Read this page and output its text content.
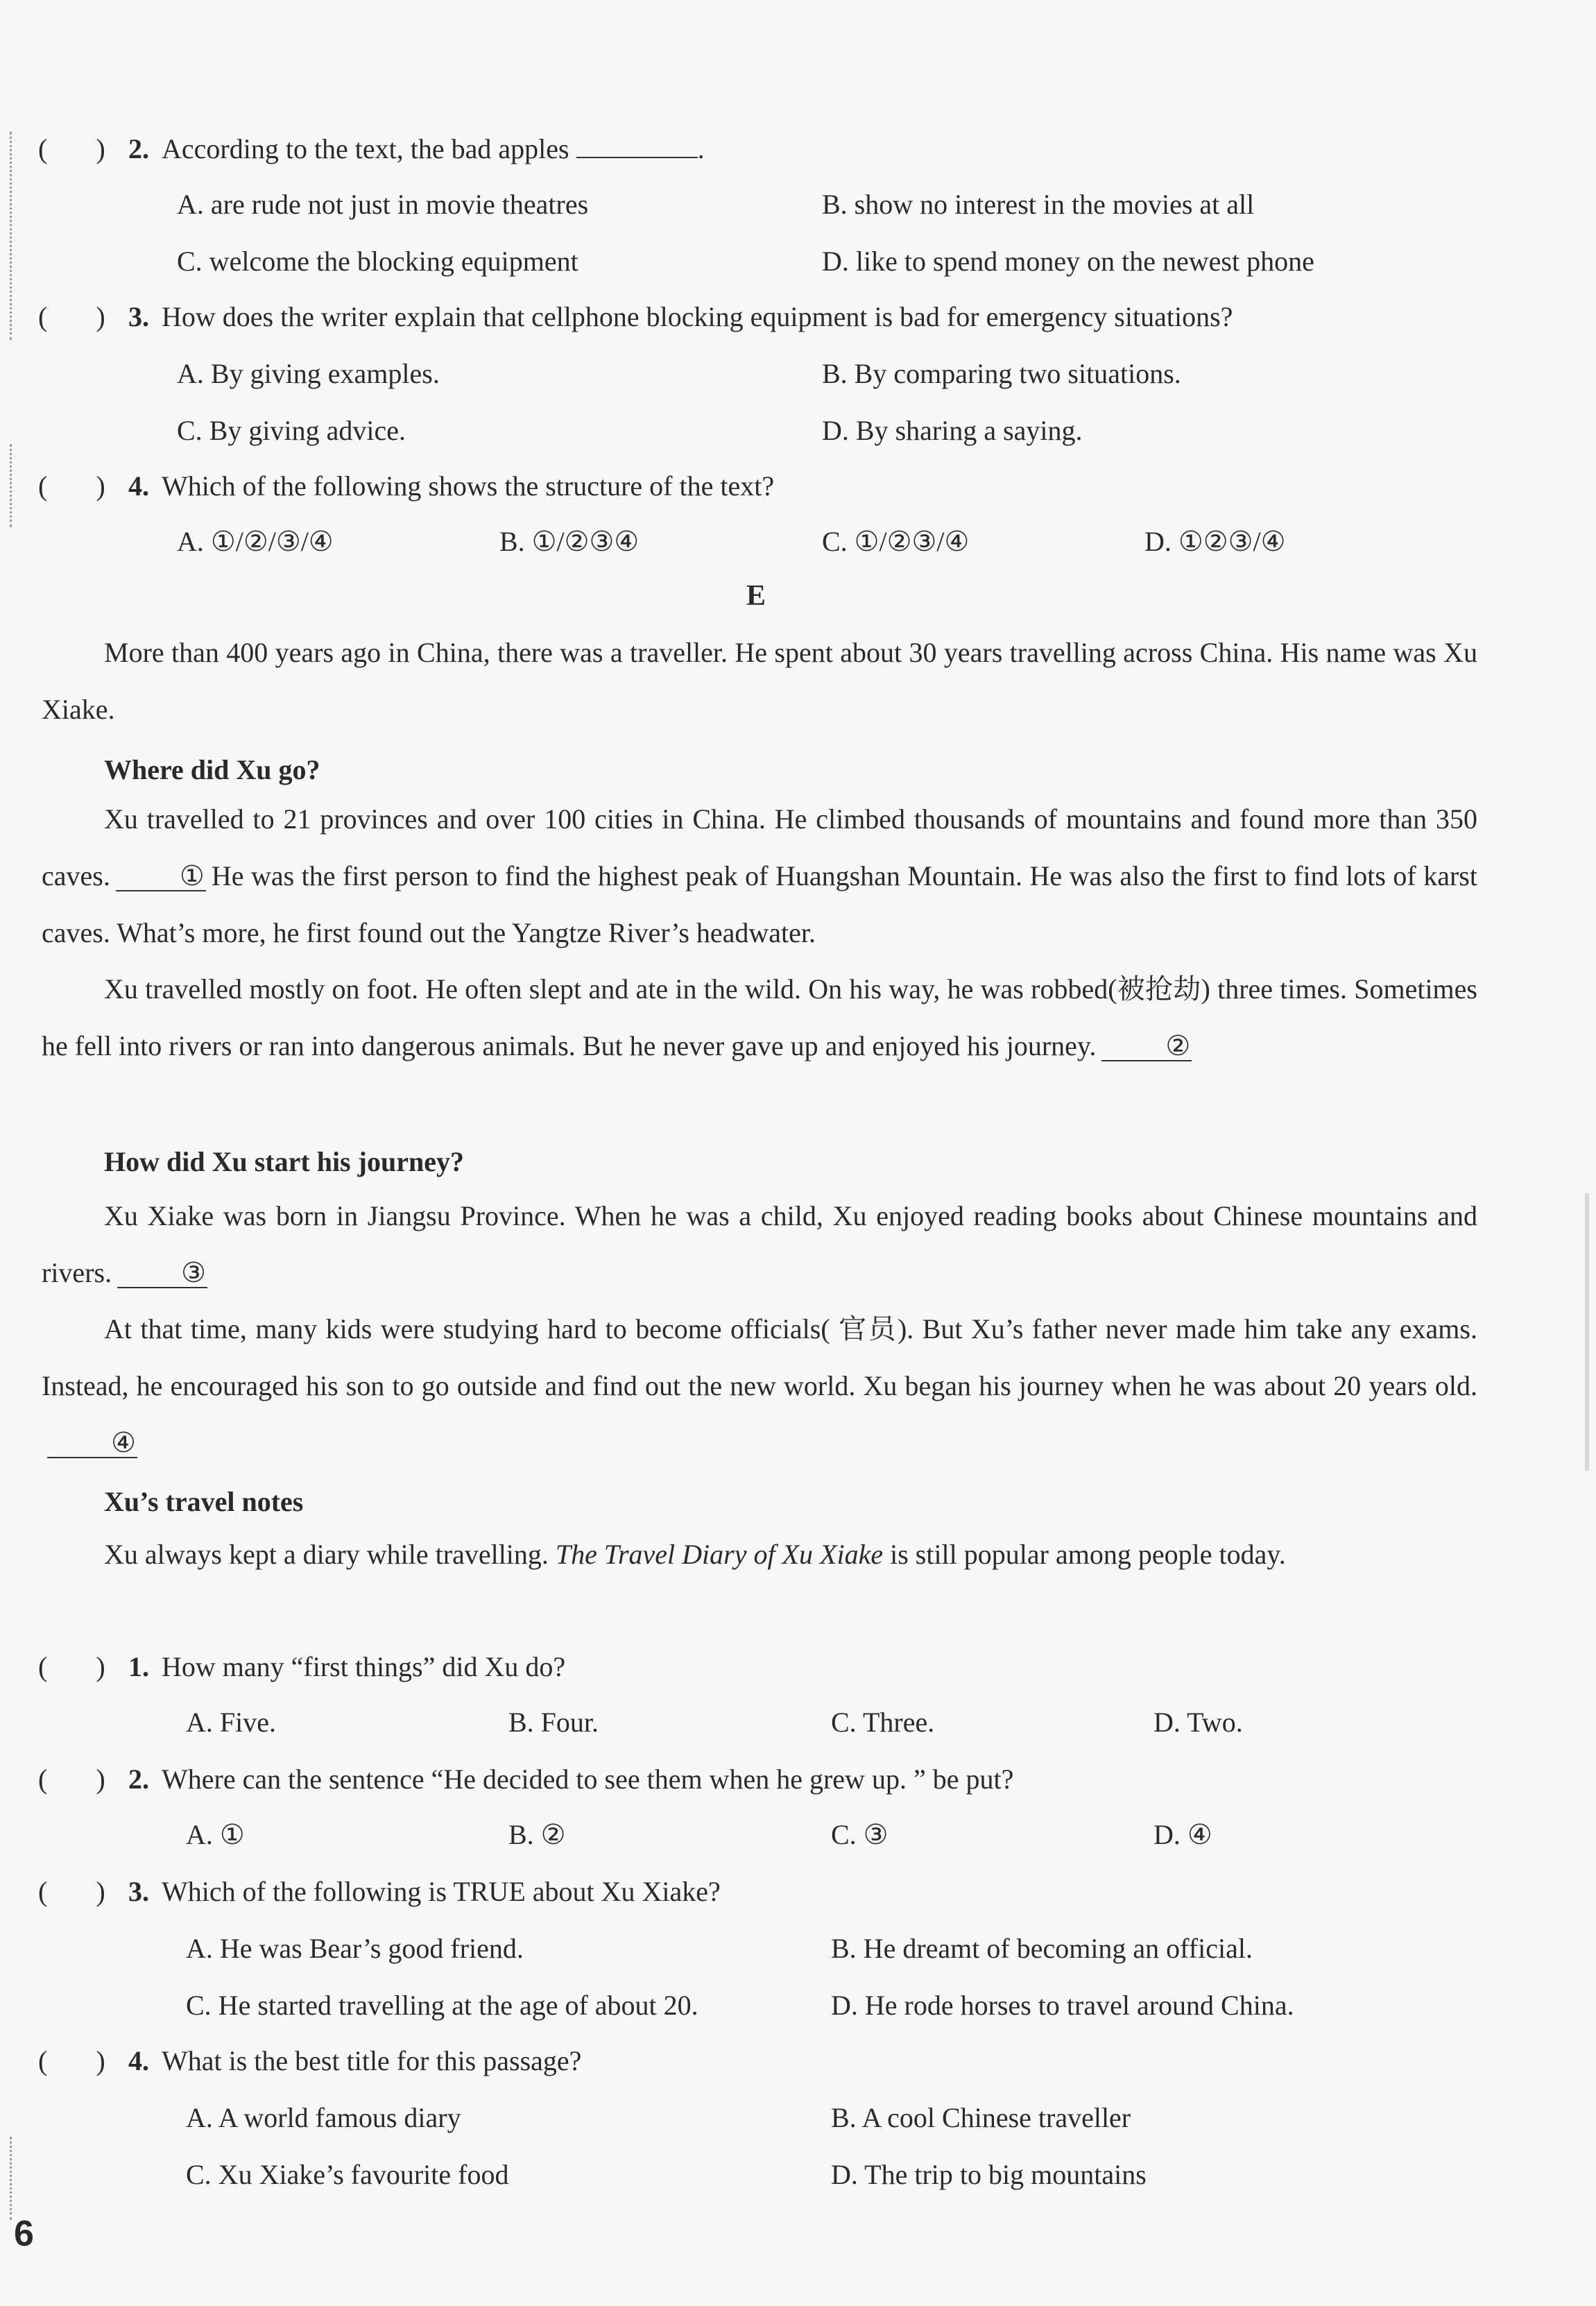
(       ) 2. According to the text, the bad apples	.
A. are rude not just in movie theatres	B. show no interest in the movies at all
C. welcome the blocking equipment	D. like to spend money on the newest phone
(       ) 3. How does the writer explain that cellphone blocking equipment is bad for emergency situations?
A. By giving examples.	B. By comparing two situations.
C. By giving advice.	D. By sharing a saying.
(       ) 4. Which of the following shows the structure of the text?
A. ①/②/③/④	B. ①/②③④	C. ①/②③/④	D. ①②③/④
E
More than 400 years ago in China, there was a traveller. He spent about 30 years travelling across China. His name was Xu Xiake.
Where did Xu go?
Xu travelled to 21 provinces and over 100 cities in China. He climbed thousands of mountains and found more than 350 caves.	① He was the first person to find the highest peak of Huangshan Mountain. He was also the first to find lots of karst caves. What’s more, he first found out the Yangtze River’s headwater.
Xu travelled mostly on foot. He often slept and ate in the wild. On his way, he was robbed(被抢劫) three times. Sometimes he fell into rivers or ran into dangerous animals. But he never gave up and enjoyed his journey.	②
How did Xu start his journey?
Xu Xiake was born in Jiangsu Province. When he was a child, Xu enjoyed reading books about Chinese mountains and rivers.	③
At that time, many kids were studying hard to become officials( 官员). But Xu’s father never made him take any exams. Instead, he encouraged his son to go outside and find out the new world. Xu began his journey when he was about 20 years old.④
Xu’s travel notes
Xu always kept a diary while travelling. The Travel Diary of Xu Xiake is still popular among people today.
(       ) 1. How many “first things” did Xu do?
A. Five.	B. Four.	C. Three.	D. Two.
(       ) 2. Where can the sentence “He decided to see them when he grew up. ” be put?
A. ①	B. ②	C. ③	D. ④
(       ) 3. Which of the following is TRUE about Xu Xiake?
A. He was Bear’s good friend.	B. He dreamt of becoming an official.
C. He started travelling at the age of about 20.	D. He rode horses to travel around China.
(       ) 4. What is the best title for this passage?
A. A world famous diary	B. A cool Chinese traveller
C. Xu Xiake’s favourite food	D. The trip to big mountains
6
